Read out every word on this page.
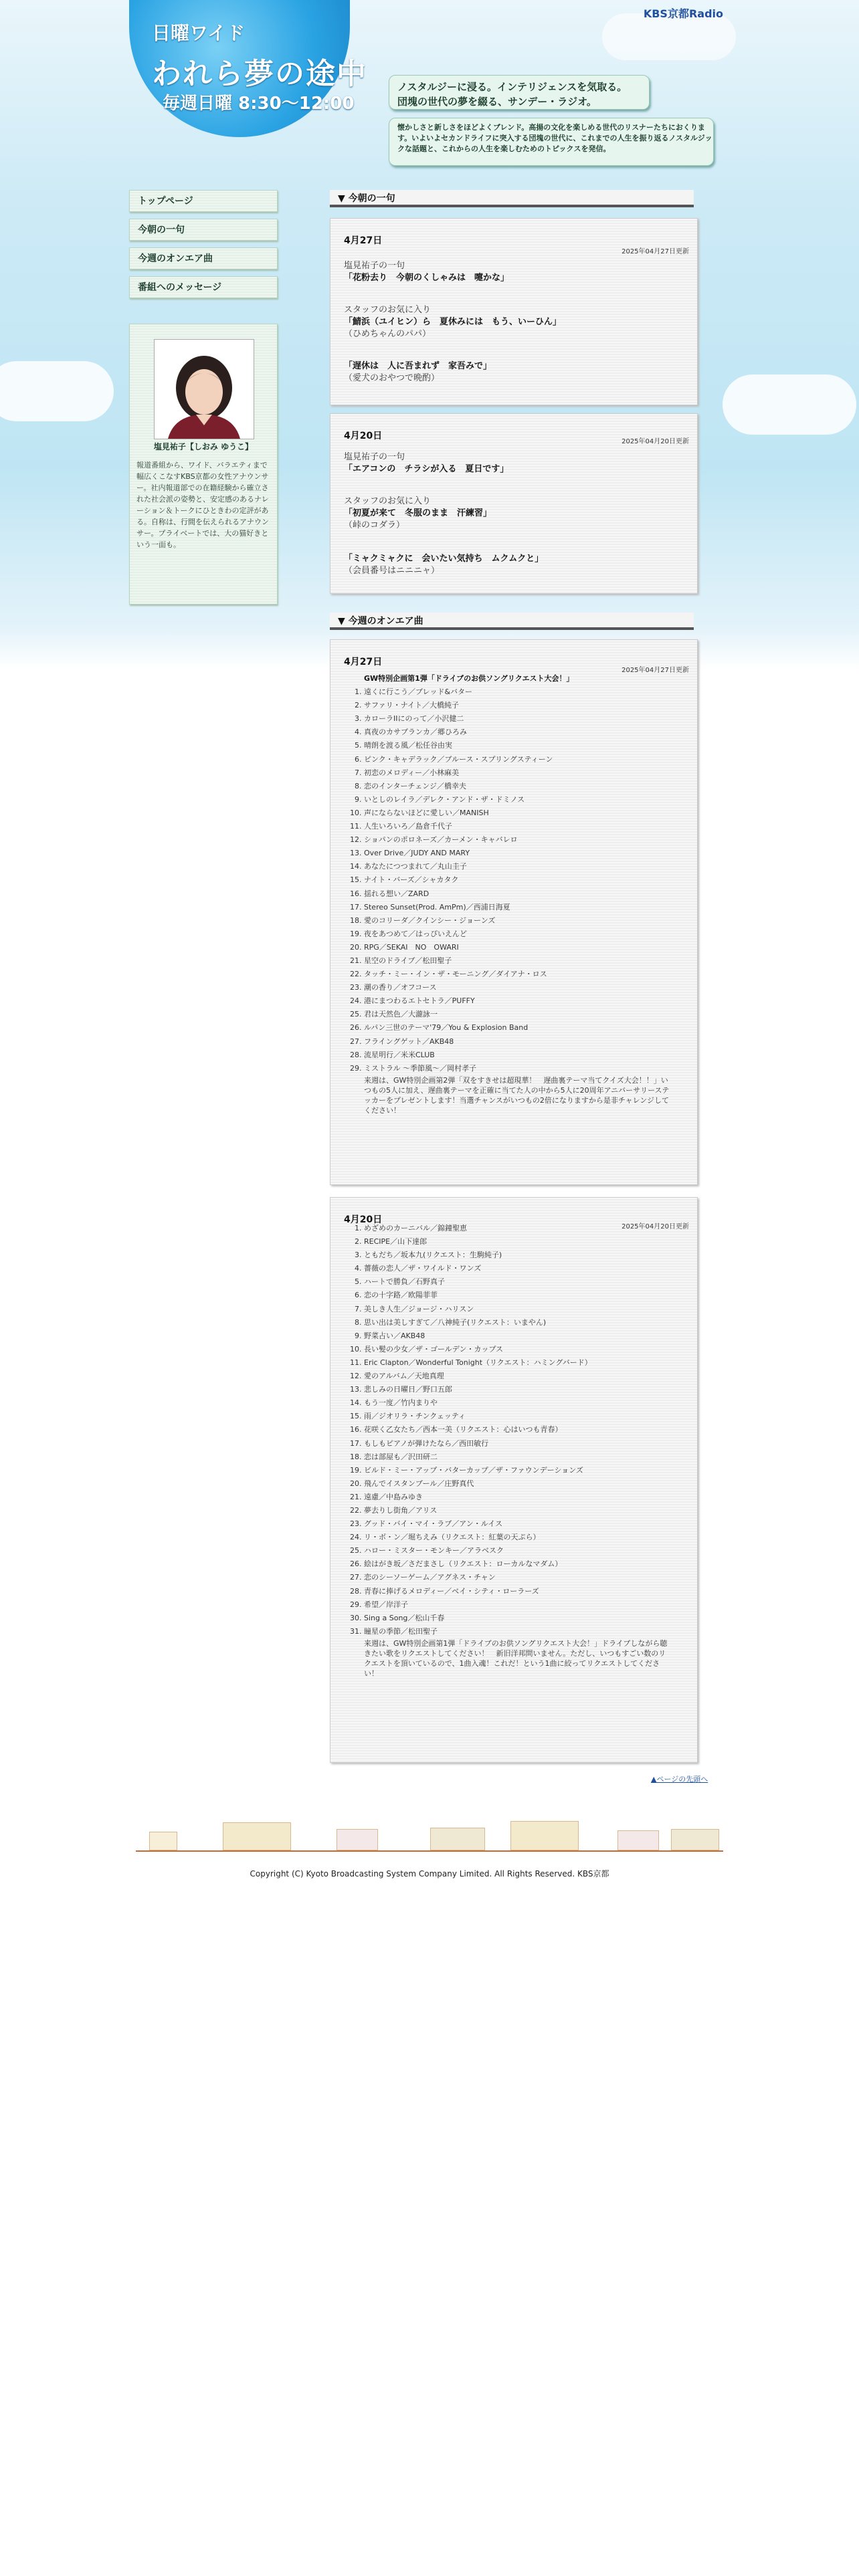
日曜ワイド
われら夢の途中
毎週日曜 8:30～12:00
KBS京都Radio
ノスタルジーに浸る。インテリジェンスを気取る。
団塊の世代の夢を綴る、サンデー・ラジオ。
懐かしさと新しさをほどよくブレンド。高揚の文化を楽しめる世代のリスナーたちにおくります。いよいよセカンドライフに突入する団塊の世代に、これまでの人生を振り返るノスタルジックな話題と、これからの人生を楽しむためのトピックスを発信。
トップページ
今朝の一句
今週のオンエア曲
番組へのメッセージ
塩見祐子【しおみ ゆうこ】
報道番組から、ワイド、バラエティまで幅広くこなすKBS京都の女性アナウンサー。社内報道部での在籍経験から確立された社会派の姿勢と、安定感のあるナレーション＆トークにひときわの定評がある。自称は、行間を伝えられるアナウンサー。プライベートでは、大の猫好きという一面も。
▼ 今朝の一句
4月27日
2025年04月27日更新
塩見祐子の一句
「花粉去り　今朝のくしゃみは　嚏かな」
スタッフのお気に入り
「鯖浜（ユイヒン）ら　夏休みには　もう、いーひん」
（ひめちゃんのパパ）
「遅休は　人に吾まれず　家吾みで」
（愛犬のおやつで晩酌）
4月20日
2025年04月20日更新
塩見祐子の一句
「エアコンの　チラシが入る　夏日です」
スタッフのお気に入り
「初夏が来て　冬服のまま　汗練習」
（峠のコダラ）
「ミャクミャクに　会いたい気持ち　ムクムクと」
（会員番号はニニニャ）
▼ 今週のオンエア曲
4月27日
2025年04月27日更新
GW特別企画第1弾「ドライブのお供ソングリクエスト大会！」
1. 遠くに行こう／ブレッド&バター
2. サファリ・ナイト／大橋純子
3. カローラIIにのって／小沢健二
4. 真夜のカサブランカ／郷ひろみ
5. 晴朗を渡る風／松任谷由実
6. ピンク・キャデラック／ブルース・スプリングスティーン
7. 初恋のメロディー／小林麻美
8. 恋のインターチェンジ／橋幸夫
9. いとしのレイラ／デレク・アンド・ザ・ドミノス
10. 声にならないほどに愛しい／MANISH
11. 人生いろいろ／島倉千代子
12. ショパンのポロネーズ／カーメン・キャバレロ
13. Over Drive／JUDY AND MARY
14. あなたにつつまれて／丸山圭子
15. ナイト・バーズ／シャカタク
16. 揺れる想い／ZARD
17. Stereo Sunset(Prod. AmPm)／西浦日海夏
18. 愛のコリーダ／クインシー・ジョーンズ
19. 夜をあつめて／はっぴいえんど
20. RPG／SEKAI　NO　OWARI
21. 星空のドライブ／松田聖子
22. タッチ・ミー・イン・ザ・モーニング／ダイアナ・ロス
23. 潮の香り／オフコース
24. 港にまつわるエトセトラ／PUFFY
25. 君は天然色／大瀧詠一
26. ルパン三世のテーマ'79／You & Explosion Band
27. フライングゲット／AKB48
28. 流星明行／米米CLUB
29. ミストラル ～季節風～／岡村孝子
来週は、GW特別企画第2弾「双をすきせは超現華！　遅曲裏テーマ当てクイズ大会！！」いつもの5人に加え、遅曲裏テーマを正確に当てた人の中から5人に20周年アニバーサリーステッカーをプレゼントします！当選チャンスがいつもの2倍になりますから是非チャレンジしてください！
4月20日
2025年04月20日更新
1. めざめのカーニバル／錦鐘聖恵
2. RECIPE／山下達郎
3. ともだち／坂本九(リクエスト：生駒純子)
4. 薔薇の恋人／ザ・ワイルド・ワンズ
5. ハートで勝負／石野真子
6. 恋の十字路／欧陽菲菲
7. 美しき人生／ジョージ・ハリスン
8. 思い出は美しすぎて／八神純子(リクエスト：いまやん)
9. 野菜占い／AKB48
10. 長い髪の少女／ザ・ゴールデン・カップス
11. Eric Clapton／Wonderful Tonight（リクエスト：ハミングバード）
12. 愛のアルバム／天地真理
13. 悲しみの日曜日／野口五郎
14. もう一度／竹内まりや
15. 雨／ジオリラ・チンクェッティ
16. 花咲く乙女たち／西本一美（リクエスト：心はいつも青春）
17. もしもピアノが弾けたなら／西田敏行
18. 恋は部屋も／沢田研二
19. ビルド・ミー・アップ・バターカップ／ザ・ファウンデーションズ
20. 飛んでイスタンブール／庄野真代
21. 遠慮／中島みゆき
22. 夢去りし街角／アリス
23. グッド・バイ・マイ・ラブ／アン・ルイス
24. リ・ボ・ン／堀ちえみ（リクエスト：紅葉の天ぷら）
25. ハロー・ミスター・モンキー／アラベスク
26. 絵はがき坂／さだまさし（リクエスト：ローカルなマダム）
27. 恋のシーソーゲーム／アグネス・チャン
28. 青春に捧げるメロディー／ベイ・シティ・ローラーズ
29. 希望／岸洋子
30. Sing a Song／松山千春
31. 瞳星の季節／松田聖子
来週は、GW特別企画第1弾「ドライブのお供ソングリクエスト大会！」ドライブしながら聴きたい歌をリクエストしてください！　新旧洋邦問いません。ただし、いつもすごい数のリクエストを頂いているので、1曲入魂！これだ！という1曲に絞ってリクエストしてください！
▲ページの先頭へ
Copyright (C) Kyoto Broadcasting System Company Limited. All Rights Reserved. KBS京都
